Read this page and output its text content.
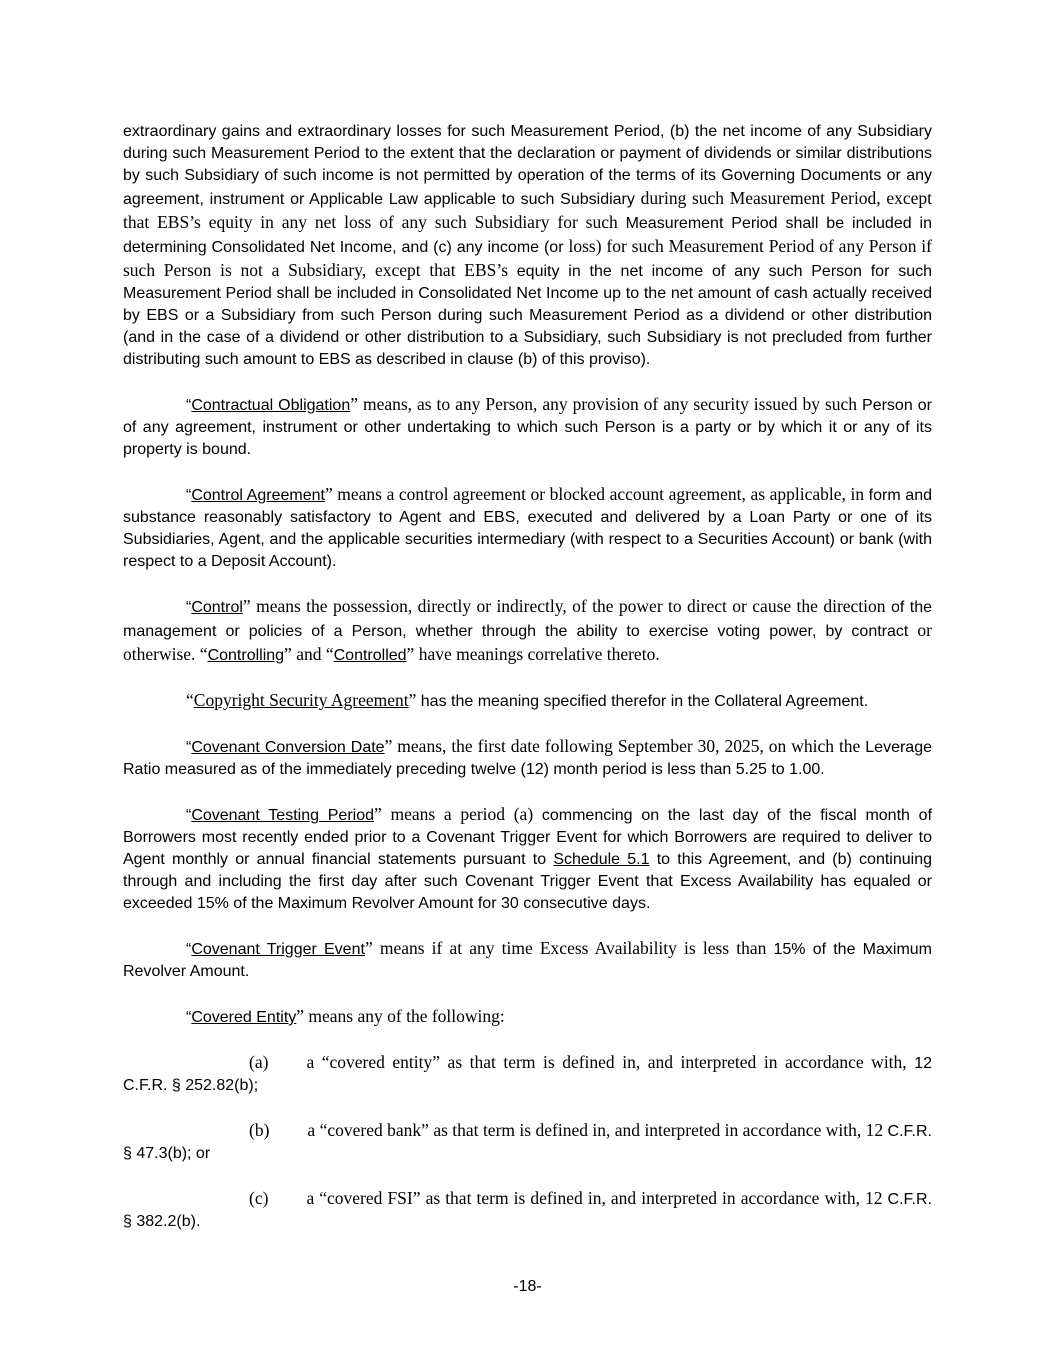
extraordinary gains and extraordinary losses for such Measurement Period, (b) the net income of any Subsidiary during such Measurement Period to the extent that the declaration or payment of dividends or similar distributions by such Subsidiary of such income is not permitted by operation of the terms of its Governing Documents or any agreement, instrument or Applicable Law applicable to such Subsidiary during such Measurement Period, except that EBS’s equity in any net loss of any such Subsidiary for such Measurement Period shall be included in determining Consolidated Net Income, and (c) any income (or loss) for such Measurement Period of any Person if such Person is not a Subsidiary, except that EBS’s equity in the net income of any such Person for such Measurement Period shall be included in Consolidated Net Income up to the net amount of cash actually received by EBS or a Subsidiary from such Person during such Measurement Period as a dividend or other distribution (and in the case of a dividend or other distribution to a Subsidiary, such Subsidiary is not precluded from further distributing such amount to EBS as described in clause (b) of this proviso).

“Contractual Obligation” means, as to any Person, any provision of any security issued by such Person or of any agreement, instrument or other undertaking to which such Person is a party or by which it or any of its property is bound.

“Control Agreement” means a control agreement or blocked account agreement, as applicable, in form and substance reasonably satisfactory to Agent and EBS, executed and delivered by a Loan Party or one of its Subsidiaries, Agent, and the applicable securities intermediary (with respect to a Securities Account) or bank (with respect to a Deposit Account).

“Control” means the possession, directly or indirectly, of the power to direct or cause the direction of the management or policies of a Person, whether through the ability to exercise voting power, by contract or otherwise. “Controlling” and “Controlled” have meanings correlative thereto.

“Copyright Security Agreement” has the meaning specified therefor in the Collateral Agreement.

“Covenant Conversion Date” means, the first date following September 30, 2025, on which the Leverage Ratio measured as of the immediately preceding twelve (12) month period is less than 5.25 to 1.00.

“Covenant Testing Period” means a period (a) commencing on the last day of the fiscal month of Borrowers most recently ended prior to a Covenant Trigger Event for which Borrowers are required to deliver to Agent monthly or annual financial statements pursuant to Schedule 5.1 to this Agreement, and (b) continuing through and including the first day after such Covenant Trigger Event that Excess Availability has equaled or exceeded 15% of the Maximum Revolver Amount for 30 consecutive days.

“Covenant Trigger Event” means if at any time Excess Availability is less than 15% of the Maximum Revolver Amount.

“Covered Entity” means any of the following:

(a) a “covered entity” as that term is defined in, and interpreted in accordance with, 12 C.F.R. § 252.82(b);

(b) a “covered bank” as that term is defined in, and interpreted in accordance with, 12 C.F.R. § 47.3(b); or

(c) a “covered FSI” as that term is defined in, and interpreted in accordance with, 12 C.F.R. § 382.2(b).

-18-
